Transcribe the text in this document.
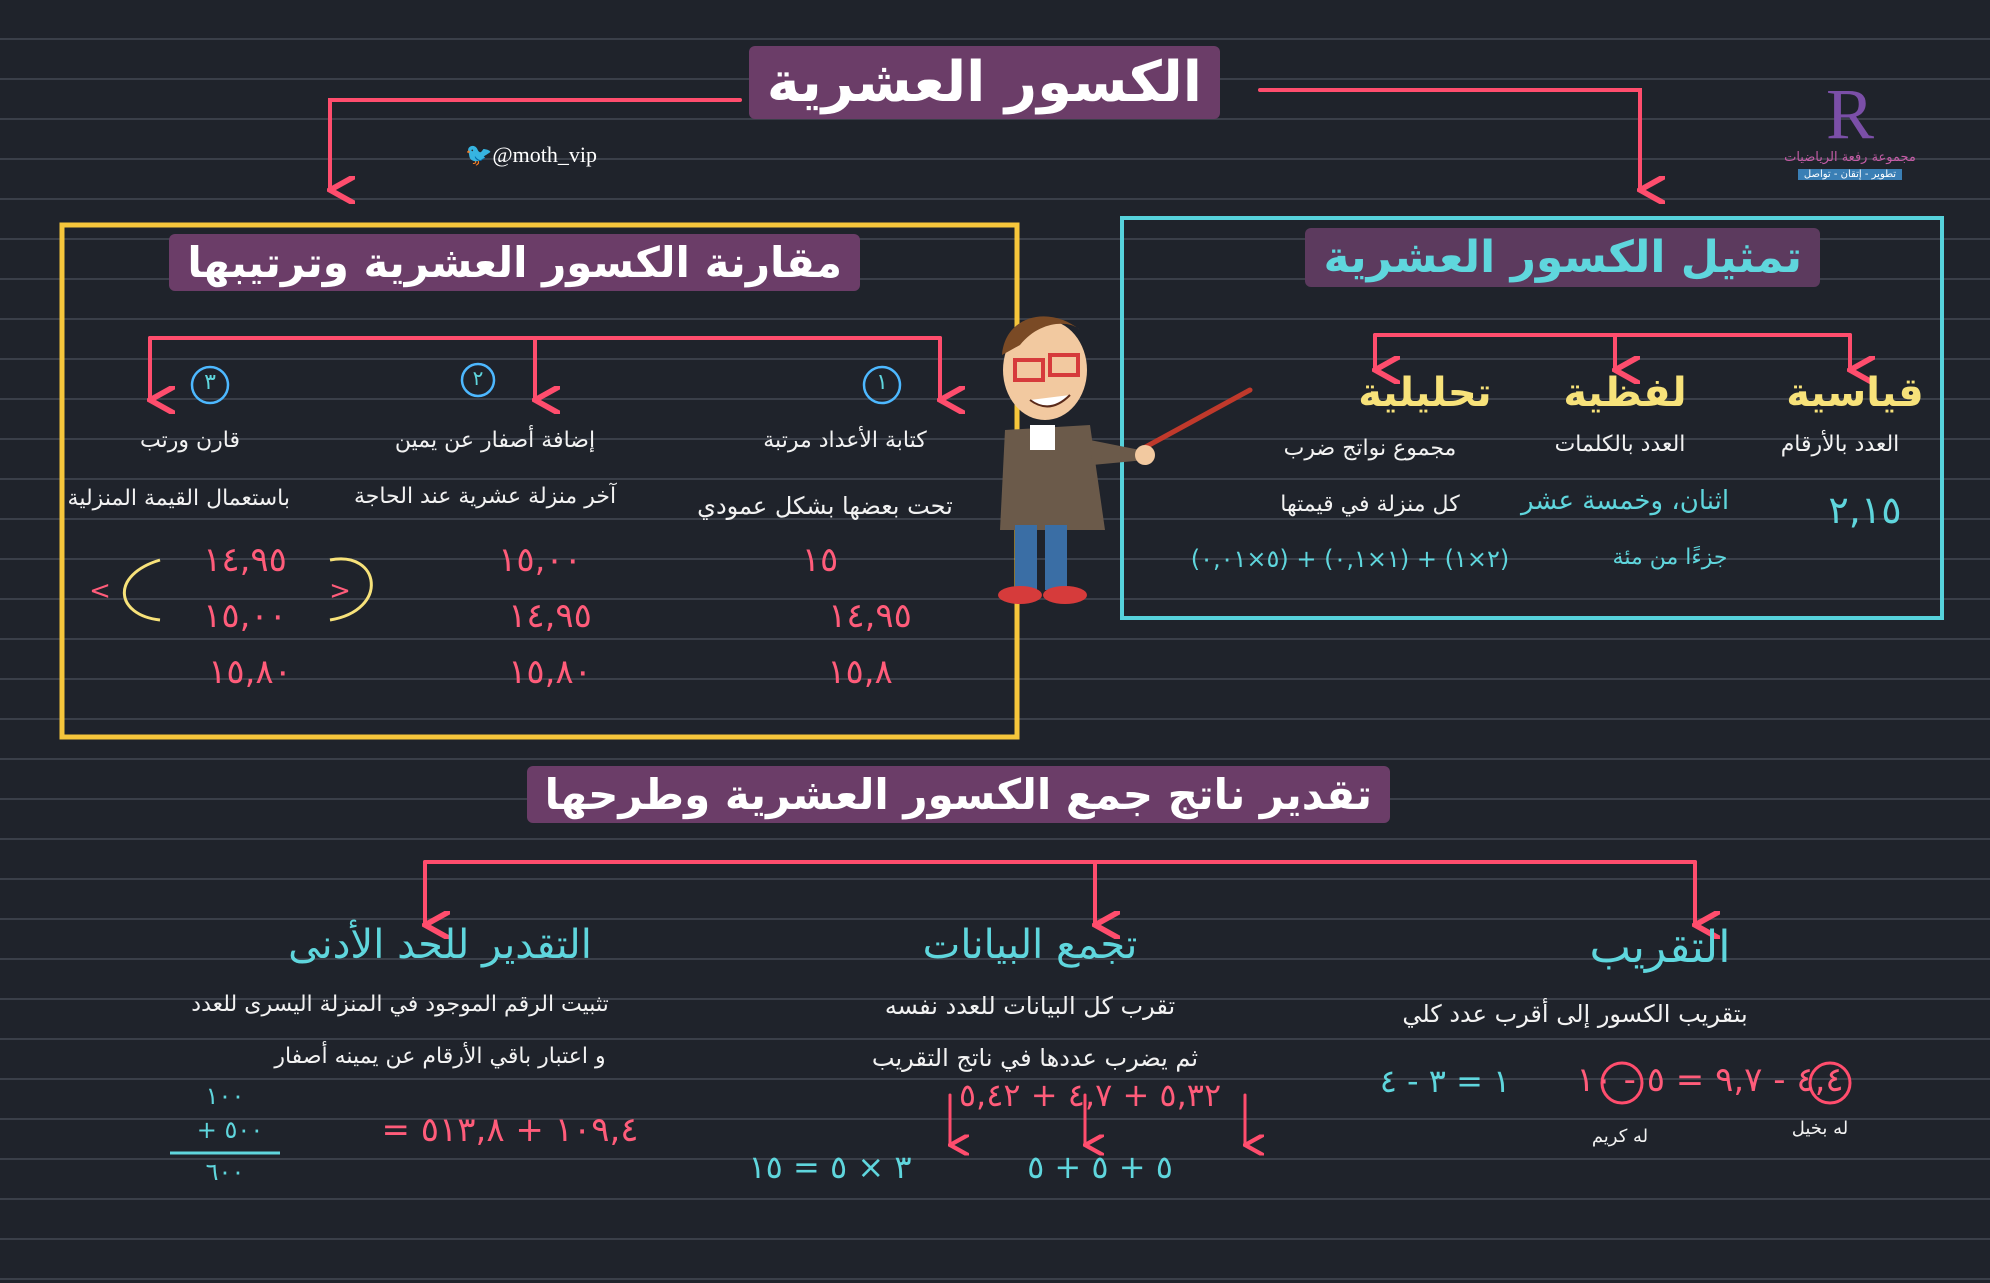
الكسور العشرية
🐦@moth_vip
R
مجموعة رفعة الرياضيات
تطوير - إتقان - تواصل
تمثيل الكسور العشرية
قياسية
العدد بالأرقام
٢,١٥
لفظية
العدد بالكلمات
اثنان، وخمسة عشر
جزءًا من مئة
تحليلية
مجموع نواتج ضرب
كل منزلة في قيمتها
(٢×١) + (١×٠,١) + (٥×٠,٠١)
مقارنة الكسور العشرية وترتيبها
١
كتابة الأعداد مرتبة
تحت بعضها بشكل عمودي
١٥
١٤,٩٥
١٥,٨
٢
إضافة أصفار عن يمين
آخر منزلة عشرية عند الحاجة
١٥,٠٠
١٤,٩٥
١٥,٨٠
٣
قارن ورتب
باستعمال القيمة المنزلية
١٤,٩٥
١٥,٠٠
١٥,٨٠
>	<
تقدير ناتج جمع الكسور العشرية وطرحها
التقريب
بتقريب الكسور إلى أقرب عدد كلي
٤,٤ - ٩,٧ = ٥ - ١٠
١ = ٣ - ٤
له بخيل
له كريم
تجمع البيانات
تقرب كل البيانات للعدد نفسه
ثم يضرب عددها في ناتج التقريب
٥,٣٢ + ٤,٧ + ٥,٤٢
٥ + ٥ + ٥
٣ × ٥ = ١٥
التقدير للحد الأدنى
تثبيت الرقم الموجود في المنزلة اليسرى للعدد
و اعتبار باقي الأرقام عن يمينه أصفار
١٠٩,٤ + ٥١٣,٨ =
١٠٠
٥٠٠ +
٦٠٠
